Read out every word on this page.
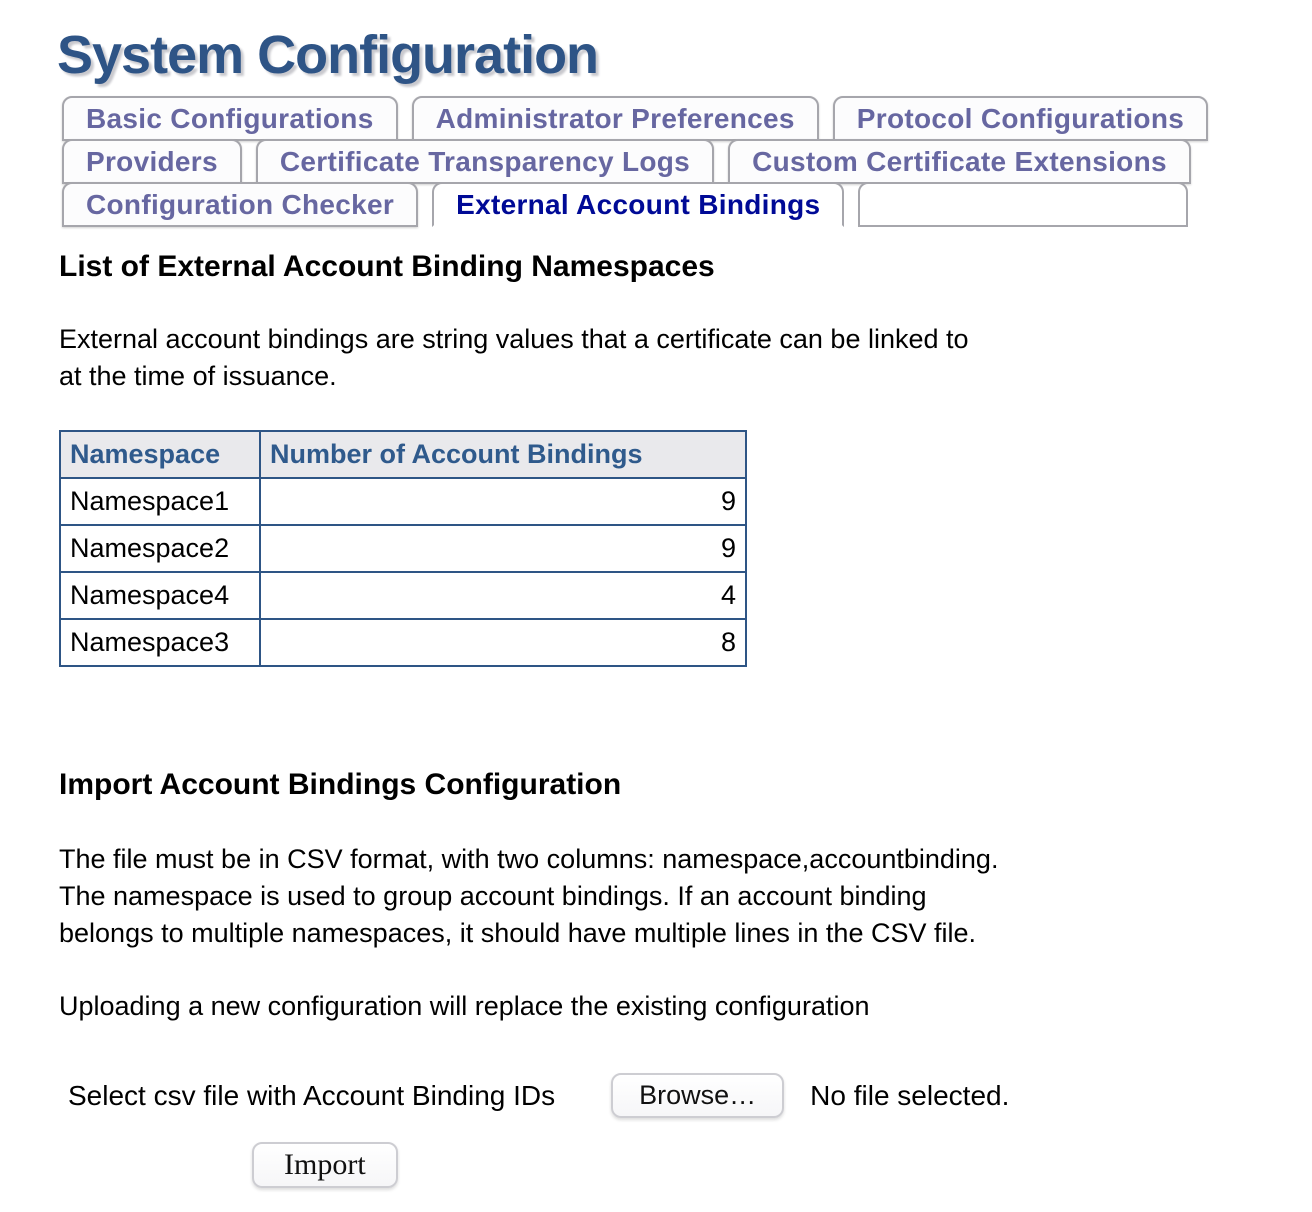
System Configuration
Basic Configurations	Administrator Preferences	Protocol Configurations
Providers	Certificate Transparency Logs	Custom Certificate Extensions
Configuration Checker	External Account Bindings
List of External Account Binding Namespaces

External account bindings are string values that a certificate can be linked to
at the time of issuance.

Namespace	Number of Account Bindings
Namespace1	9
Namespace2	9
Namespace4	4
Namespace3	8
Import Account Bindings Configuration

The file must be in CSV format, with two columns: namespace,accountbinding.
The namespace is used to group account bindings. If an account binding
belongs to multiple namespaces, it should have multiple lines in the CSV file.

Uploading a new configuration will replace the existing configuration

Select csv file with Account Binding IDs	Browse…	No file selected.
Import
